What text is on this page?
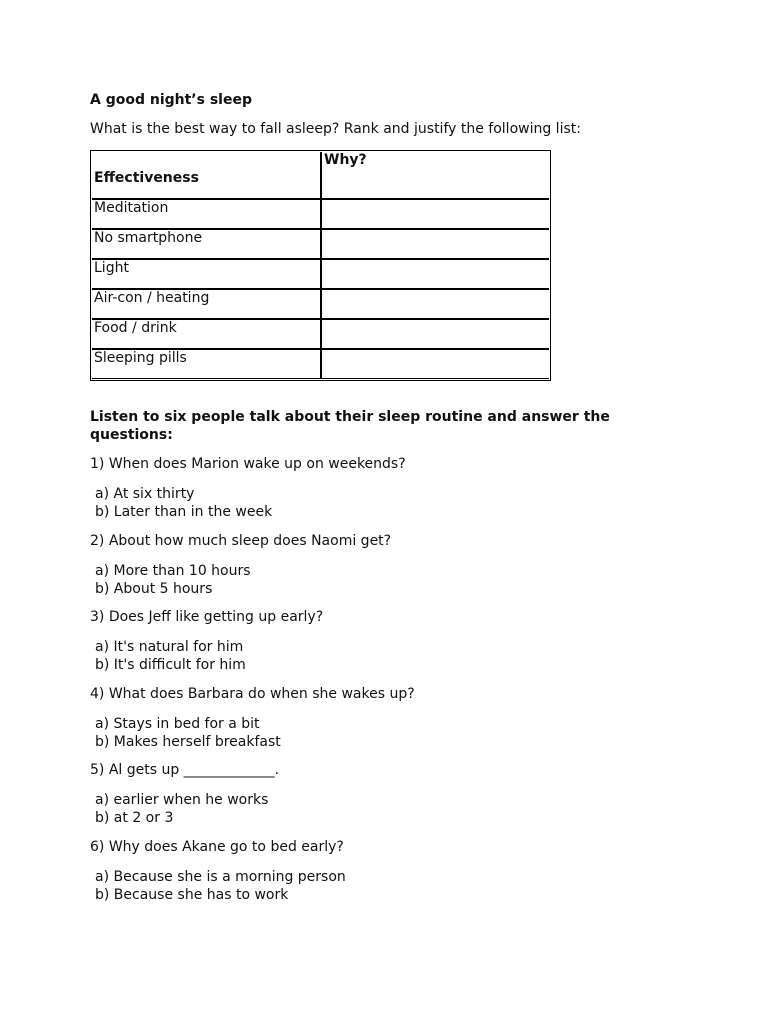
A good night’s sleep
What is the best way to fall asleep? Rank and justify the following list:
Effectiveness	Why?
Meditation	
No smartphone	
Light	
Air-con / heating	
Food / drink	
Sleeping pills	
Listen to six people talk about their sleep routine and answer the questions:
1) When does Marion wake up on weekends?
a) At six thirty
b) Later than in the week
2) About how much sleep does Naomi get?
a) More than 10 hours
b) About 5 hours
3) Does Jeff like getting up early?
a) It's natural for him
b) It's difficult for him
4) What does Barbara do when she wakes up?
a) Stays in bed for a bit
b) Makes herself breakfast
5) Al gets up _____________.
a) earlier when he works
b) at 2 or 3
6) Why does Akane go to bed early?
a) Because she is a morning person
b) Because she has to work
